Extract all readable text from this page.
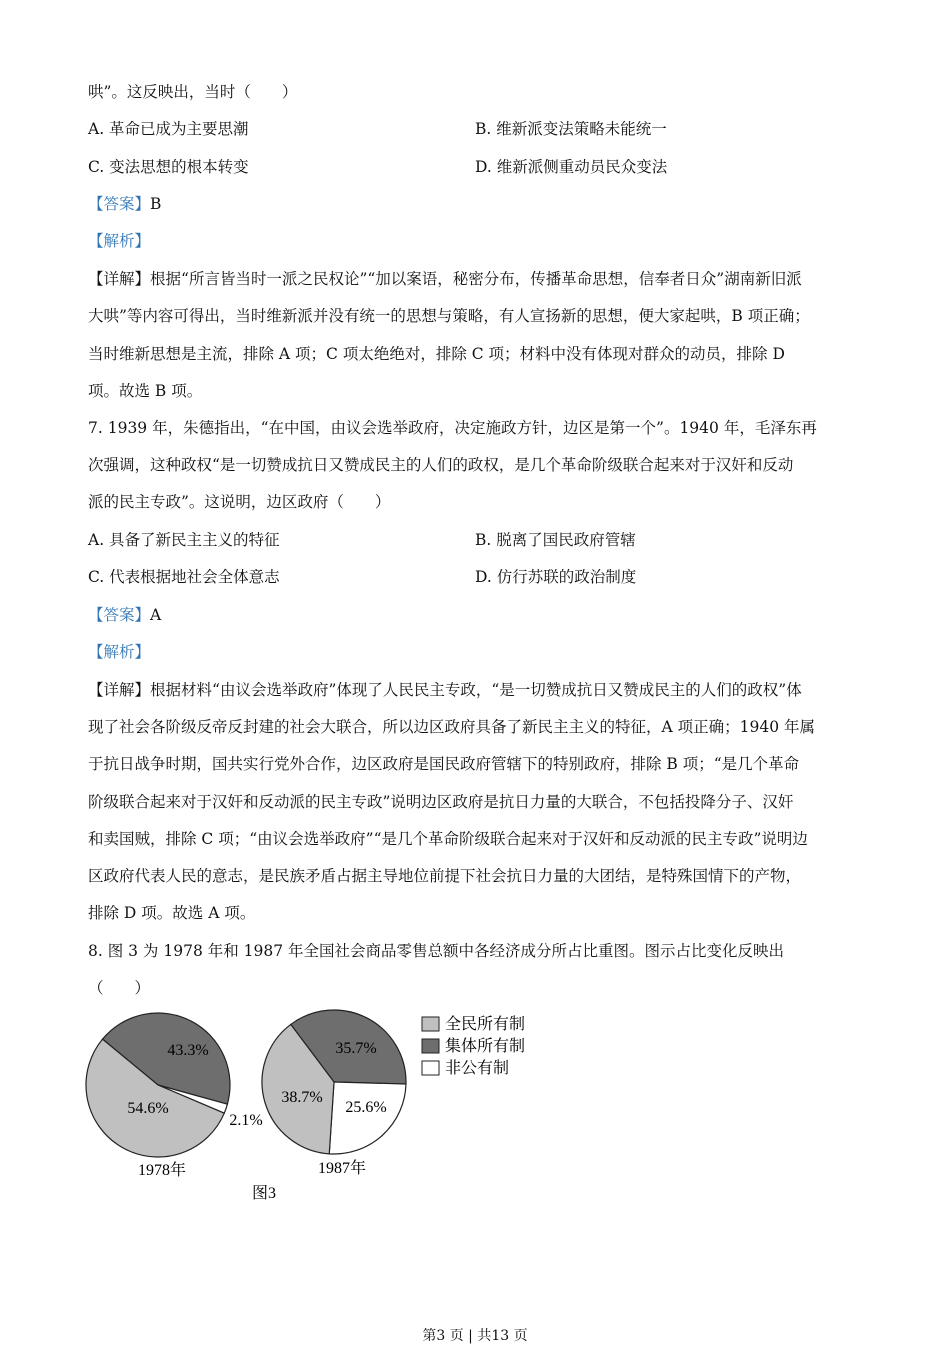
哄”。这反映出，当时（　　）
A. 革命已成为主要思潮	B. 维新派变法策略未能统一
C. 变法思想的根本转变	D. 维新派侧重动员民众变法
【答案】B
【解析】
【详解】根据“所言皆当时一派之民权论”“加以案语，秘密分布，传播革命思想，信奉者日众”湖南新旧派
大哄”等内容可得出，当时维新派并没有统一的思想与策略，有人宣扬新的思想，便大家起哄，B 项正确；
当时维新思想是主流，排除 A 项；C 项太绝绝对，排除 C 项；材料中没有体现对群众的动员，排除 D
项。故选 B 项。
7. 1939 年，朱德指出，“在中国，由议会选举政府，决定施政方针，边区是第一个”。1940 年，毛泽东再
次强调，这种政权“是一切赞成抗日又赞成民主的人们的政权，是几个革命阶级联合起来对于汉奸和反动
派的民主专政”。这说明，边区政府（　　）
A. 具备了新民主主义的特征	B. 脱离了国民政府管辖
C. 代表根据地社会全体意志	D. 仿行苏联的政治制度
【答案】A
【解析】
【详解】根据材料“由议会选举政府”体现了人民民主专政，“是一切赞成抗日又赞成民主的人们的政权”体
现了社会各阶级反帝反封建的社会大联合，所以边区政府具备了新民主主义的特征，A 项正确；1940 年属
于抗日战争时期，国共实行党外合作，边区政府是国民政府管辖下的特别政府，排除 B 项；“是几个革命
阶级联合起来对于汉奸和反动派的民主专政”说明边区政府是抗日力量的大联合，不包括投降分子、汉奸
和卖国贼，排除 C 项；“由议会选举政府”“是几个革命阶级联合起来对于汉奸和反动派的民主专政”说明边
区政府代表人民的意志，是民族矛盾占据主导地位前提下社会抗日力量的大团结，是特殊国情下的产物，
排除 D 项。故选 A 项。
8. 图 3 为 1978 年和 1987 年全国社会商品零售总额中各经济成分所占比重图。图示占比变化反映出
（　　）
54.6%
43.3%
2.1%
1978年
38.7%
35.7%
25.6%
1987年
全民所有制
集体所有制
非公有制
图3
第3 页 | 共13 页
